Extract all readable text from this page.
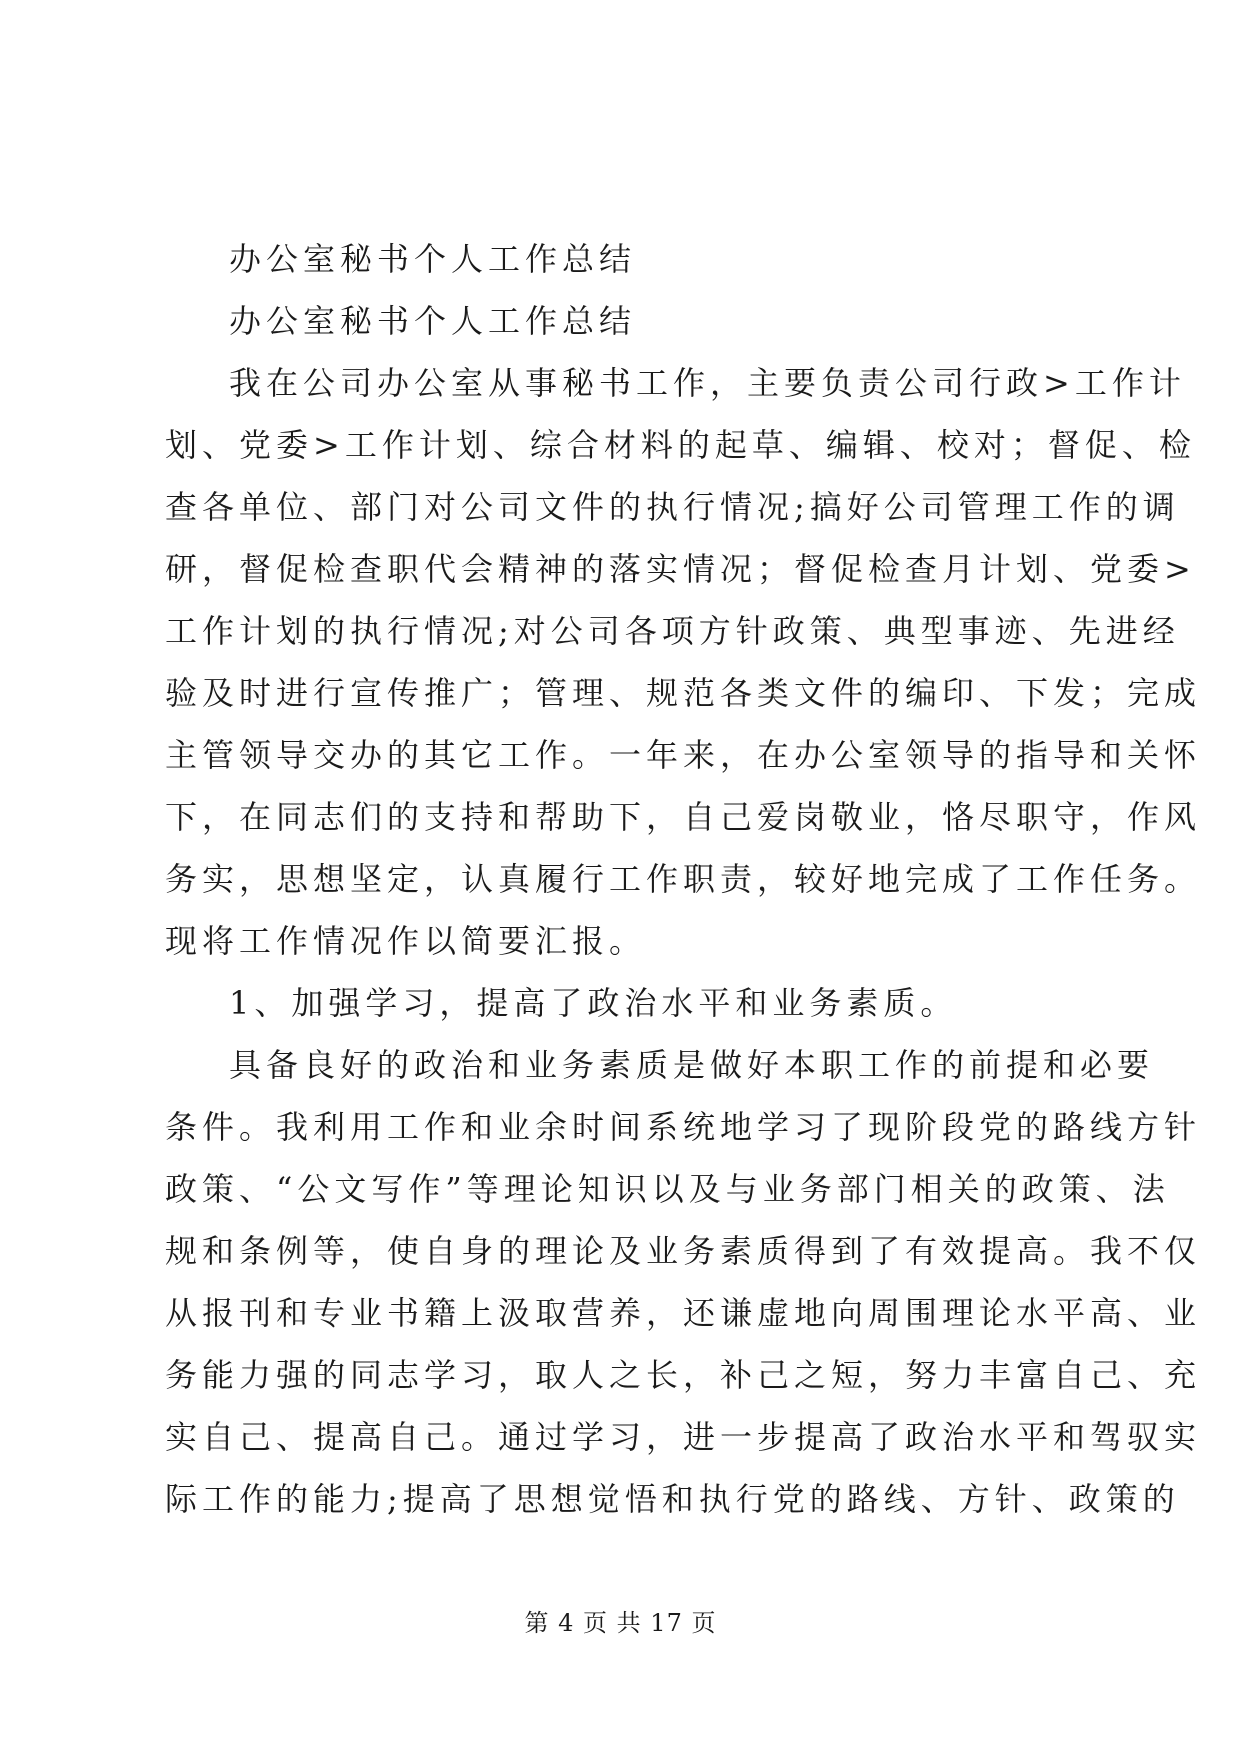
办公室秘书个人工作总结

办公室秘书个人工作总结

我在公司办公室从事秘书工作，主要负责公司行政>工作计

划、党委>工作计划、综合材料的起草、编辑、校对；督促、检

查各单位、部门对公司文件的执行情况;搞好公司管理工作的调

研，督促检查职代会精神的落实情况；督促检查月计划、党委>

工作计划的执行情况;对公司各项方针政策、典型事迹、先进经

验及时进行宣传推广；管理、规范各类文件的编印、下发；完成

主管领导交办的其它工作。一年来，在办公室领导的指导和关怀

下，在同志们的支持和帮助下，自己爱岗敬业，恪尽职守，作风

务实，思想坚定，认真履行工作职责，较好地完成了工作任务。

现将工作情况作以简要汇报。

1、加强学习，提高了政治水平和业务素质。

具备良好的政治和业务素质是做好本职工作的前提和必要

条件。我利用工作和业余时间系统地学习了现阶段党的路线方针

政策、“公文写作”等理论知识以及与业务部门相关的政策、法

规和条例等，使自身的理论及业务素质得到了有效提高。我不仅

从报刊和专业书籍上汲取营养，还谦虚地向周围理论水平高、业

务能力强的同志学习，取人之长，补己之短，努力丰富自己、充

实自己、提高自己。通过学习，进一步提高了政治水平和驾驭实

际工作的能力;提高了思想觉悟和执行党的路线、方针、政策的

第 4 页 共 17 页
